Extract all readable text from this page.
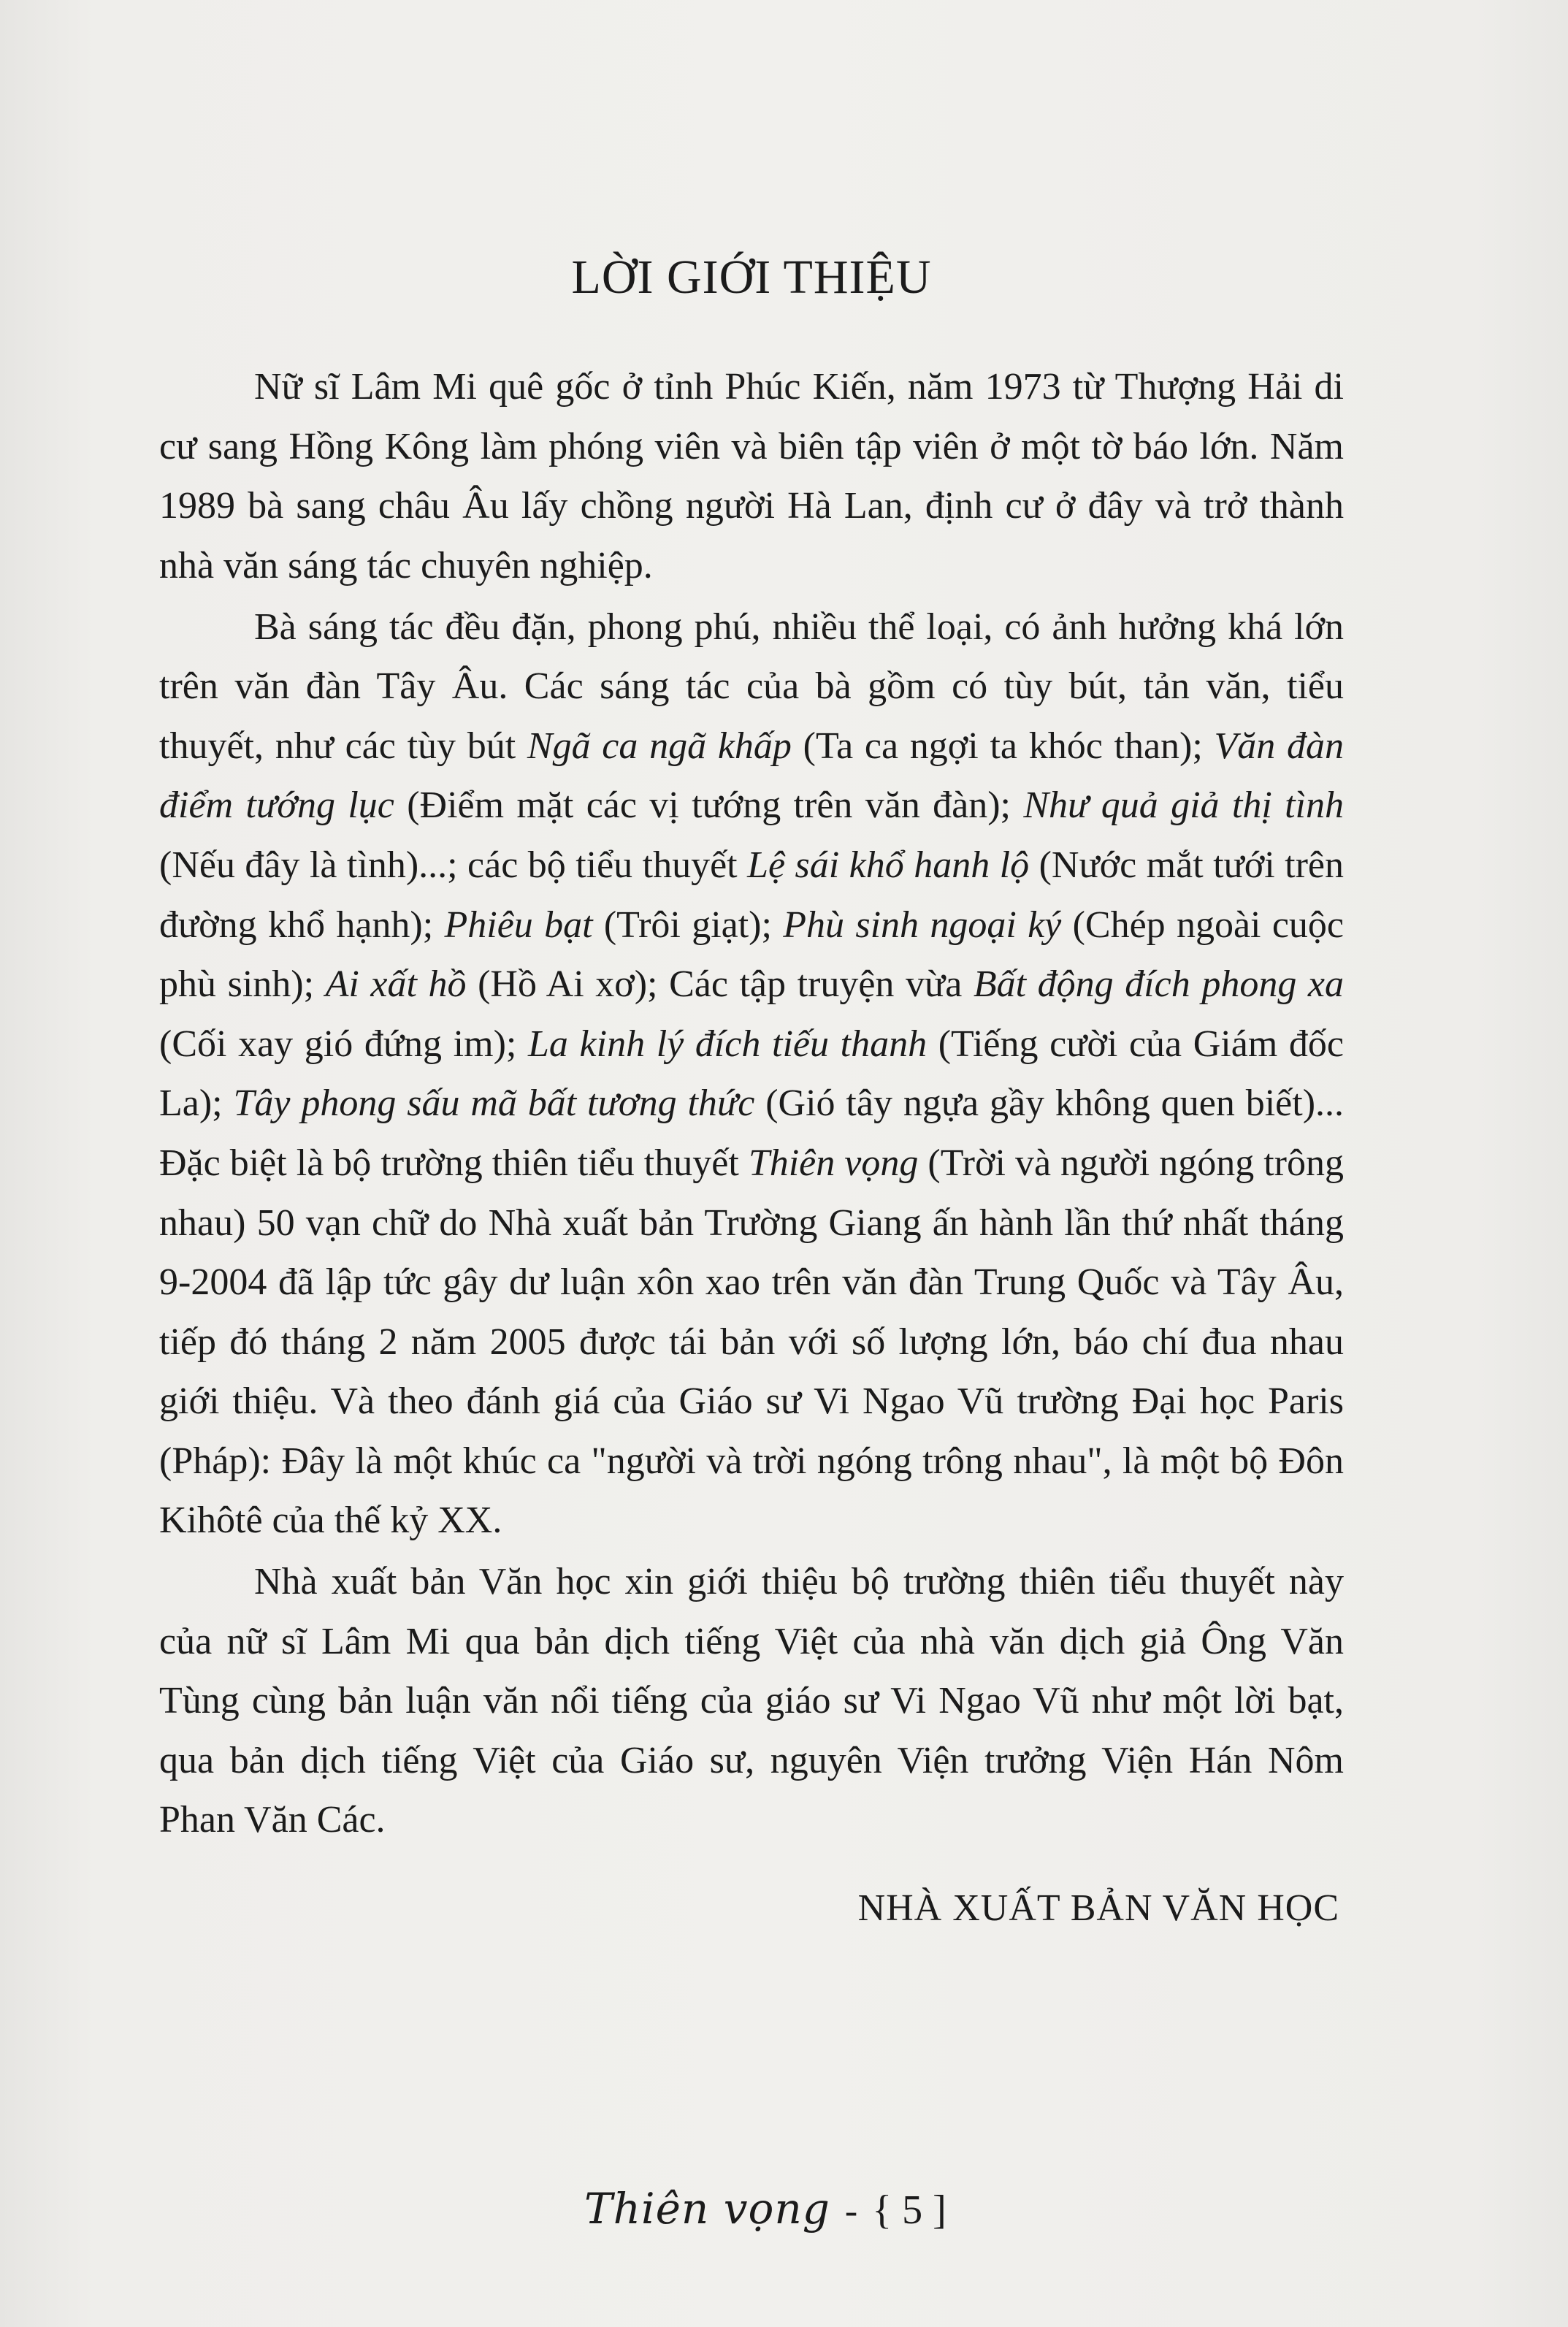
LỜI GIỚI THIỆU

Nữ sĩ Lâm Mi quê gốc ở tỉnh Phúc Kiến, năm 1973 từ Thượng Hải di cư sang Hồng Kông làm phóng viên và biên tập viên ở một tờ báo lớn. Năm 1989 bà sang châu Âu lấy chồng người Hà Lan, định cư ở đây và trở thành nhà văn sáng tác chuyên nghiệp.

Bà sáng tác đều đặn, phong phú, nhiều thể loại, có ảnh hưởng khá lớn trên văn đàn Tây Âu. Các sáng tác của bà gồm có tùy bút, tản văn, tiểu thuyết, như các tùy bút Ngã ca ngã khấp (Ta ca ngợi ta khóc than); Văn đàn điểm tướng lục (Điểm mặt các vị tướng trên văn đàn); Như quả giả thị tình (Nếu đây là tình)...; các bộ tiểu thuyết Lệ sái khổ hanh lộ (Nước mắt tưới trên đường khổ hạnh); Phiêu bạt (Trôi giạt); Phù sinh ngoại ký (Chép ngoài cuộc phù sinh); Ai xất hồ (Hồ Ai xơ); Các tập truyện vừa Bất động đích phong xa (Cối xay gió đứng im); La kinh lý đích tiếu thanh (Tiếng cười của Giám đốc La); Tây phong sấu mã bất tương thức (Gió tây ngựa gầy không quen biết)... Đặc biệt là bộ trường thiên tiểu thuyết Thiên vọng (Trời và người ngóng trông nhau) 50 vạn chữ do Nhà xuất bản Trường Giang ấn hành lần thứ nhất tháng 9-2004 đã lập tức gây dư luận xôn xao trên văn đàn Trung Quốc và Tây Âu, tiếp đó tháng 2 năm 2005 được tái bản với số lượng lớn, báo chí đua nhau giới thiệu. Và theo đánh giá của Giáo sư Vi Ngao Vũ trường Đại học Paris (Pháp): Đây là một khúc ca "người và trời ngóng trông nhau", là một bộ Đôn Kihôtê của thế kỷ XX.

Nhà xuất bản Văn học xin giới thiệu bộ trường thiên tiểu thuyết này của nữ sĩ Lâm Mi qua bản dịch tiếng Việt của nhà văn dịch giả Ông Văn Tùng cùng bản luận văn nổi tiếng của giáo sư Vi Ngao Vũ như một lời bạt, qua bản dịch tiếng Việt của Giáo sư, nguyên Viện trưởng Viện Hán Nôm Phan Văn Các.

NHÀ XUẤT BẢN VĂN HỌC
Thiên vọng - { 5 ]
